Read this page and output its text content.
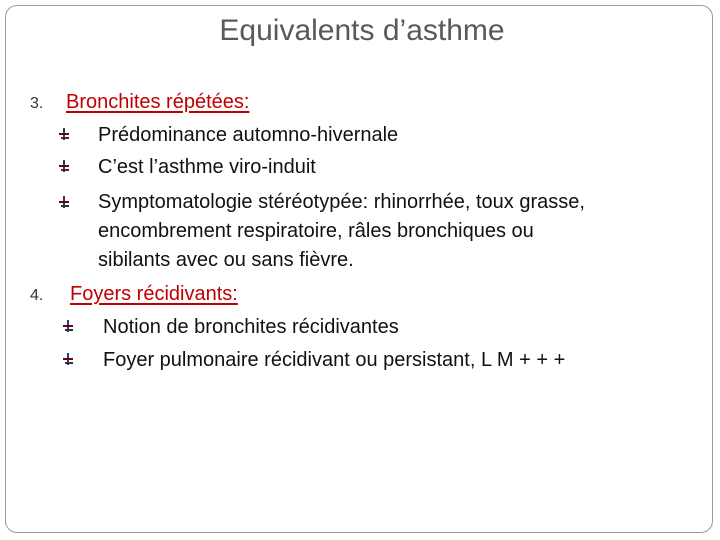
Equivalents d’asthme
3. Bronchites répétées:
Prédominance automno-hivernale
C’est l’asthme viro-induit
Symptomatologie stéréotypée: rhinorrhée, toux grasse,
encombrement respiratoire, râles bronchiques ou
sibilants avec ou sans fièvre.
4. Foyers récidivants:
Notion de bronchites récidivantes
Foyer pulmonaire récidivant ou persistant, L M + + +
